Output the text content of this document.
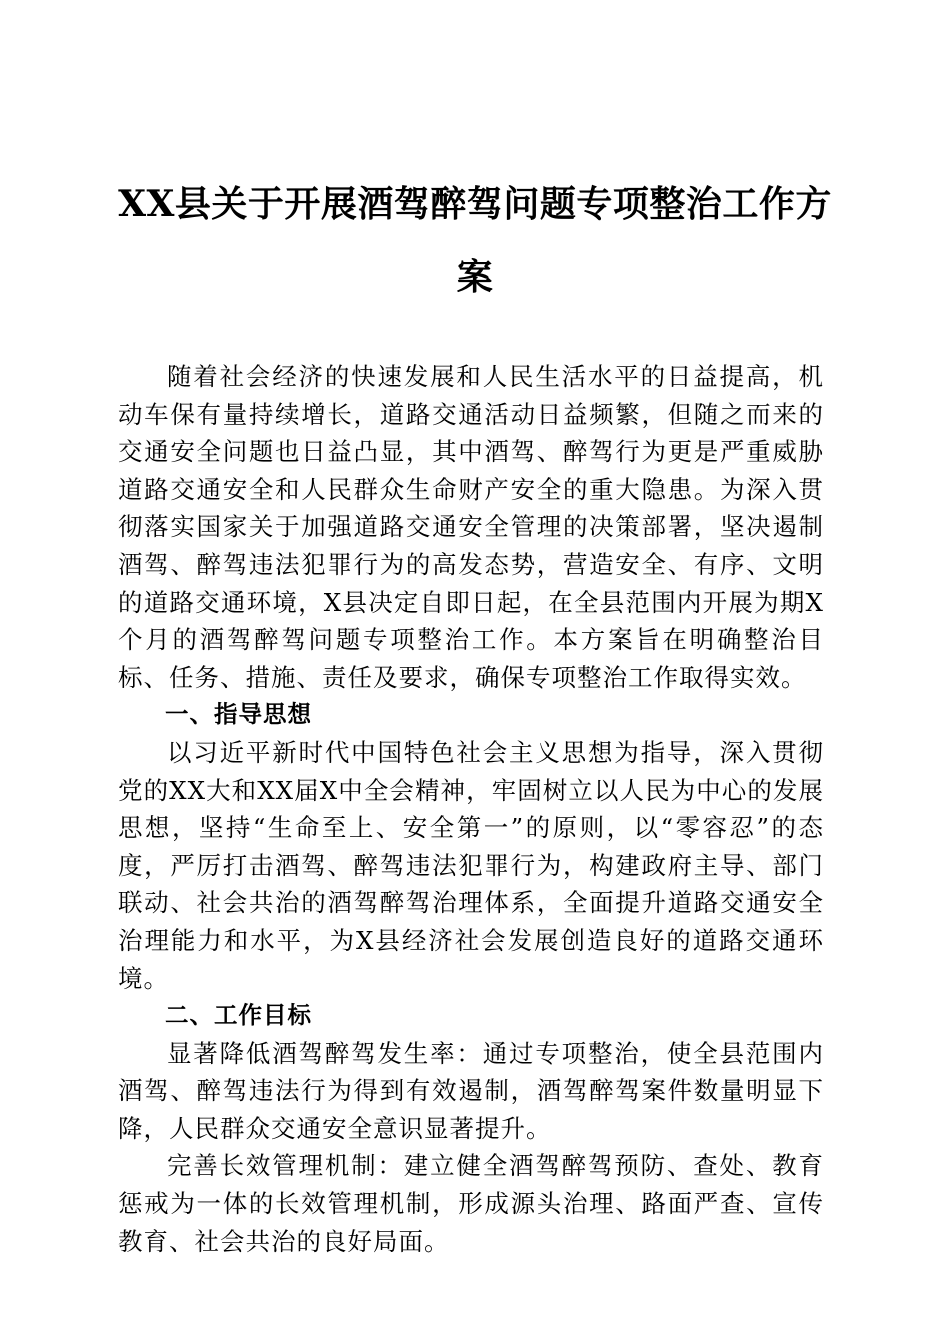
XX县关于开展酒驾醉驾问题专项整治工作方案

随着社会经济的快速发展和人民生活水平的日益提高，机动车保有量持续增长，道路交通活动日益频繁，但随之而来的交通安全问题也日益凸显，其中酒驾、醉驾行为更是严重威胁道路交通安全和人民群众生命财产安全的重大隐患。为深入贯彻落实国家关于加强道路交通安全管理的决策部署，坚决遏制酒驾、醉驾违法犯罪行为的高发态势，营造安全、有序、文明的道路交通环境，X县决定自即日起，在全县范围内开展为期X个月的酒驾醉驾问题专项整治工作。本方案旨在明确整治目标、任务、措施、责任及要求，确保专项整治工作取得实效。

一、指导思想

以习近平新时代中国特色社会主义思想为指导，深入贯彻党的XX大和XX届X中全会精神，牢固树立以人民为中心的发展思想，坚持“生命至上、安全第一”的原则，以“零容忍”的态度，严厉打击酒驾、醉驾违法犯罪行为，构建政府主导、部门联动、社会共治的酒驾醉驾治理体系，全面提升道路交通安全治理能力和水平，为X县经济社会发展创造良好的道路交通环境。

二、工作目标

显著降低酒驾醉驾发生率：通过专项整治，使全县范围内酒驾、醉驾违法行为得到有效遏制，酒驾醉驾案件数量明显下降，人民群众交通安全意识显著提升。

完善长效管理机制：建立健全酒驾醉驾预防、查处、教育惩戒为一体的长效管理机制，形成源头治理、路面严查、宣传教育、社会共治的良好局面。
